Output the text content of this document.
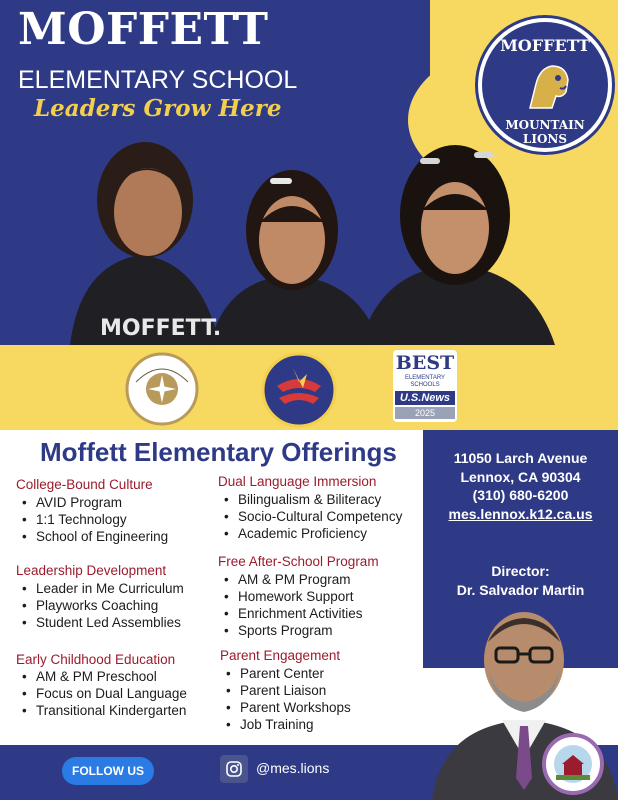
MOFFETT
ELEMENTARY SCHOOL
Leaders Grow Here
MOFFETT
MOUNTAIN LIONS
MOFFETT.
BEST
ELEMENTARY SCHOOLS
U.S.News
2025
Moffett Elementary Offerings
College-Bound Culture
• AVID Program
• 1:1 Technology
• School of Engineering
Leadership Development
• Leader in Me Curriculum
• Playworks Coaching
• Student Led Assemblies
Early Childhood Education
• AM & PM Preschool
• Focus on Dual Language
• Transitional Kindergarten
Dual Language Immersion
• Bilingualism & Biliteracy
• Socio-Cultural Competency
• Academic Proficiency
Free After-School Program
• AM & PM Program
• Homework Support
• Enrichment Activities
• Sports Program
Parent Engagement
• Parent Center
• Parent Liaison
• Parent Workshops
• Job Training
11050 Larch Avenue
Lennox, CA 90304
(310) 680-6200
mes.lennox.k12.ca.us
Director:
Dr. Salvador Martin
FOLLOW US	@mes.lions
